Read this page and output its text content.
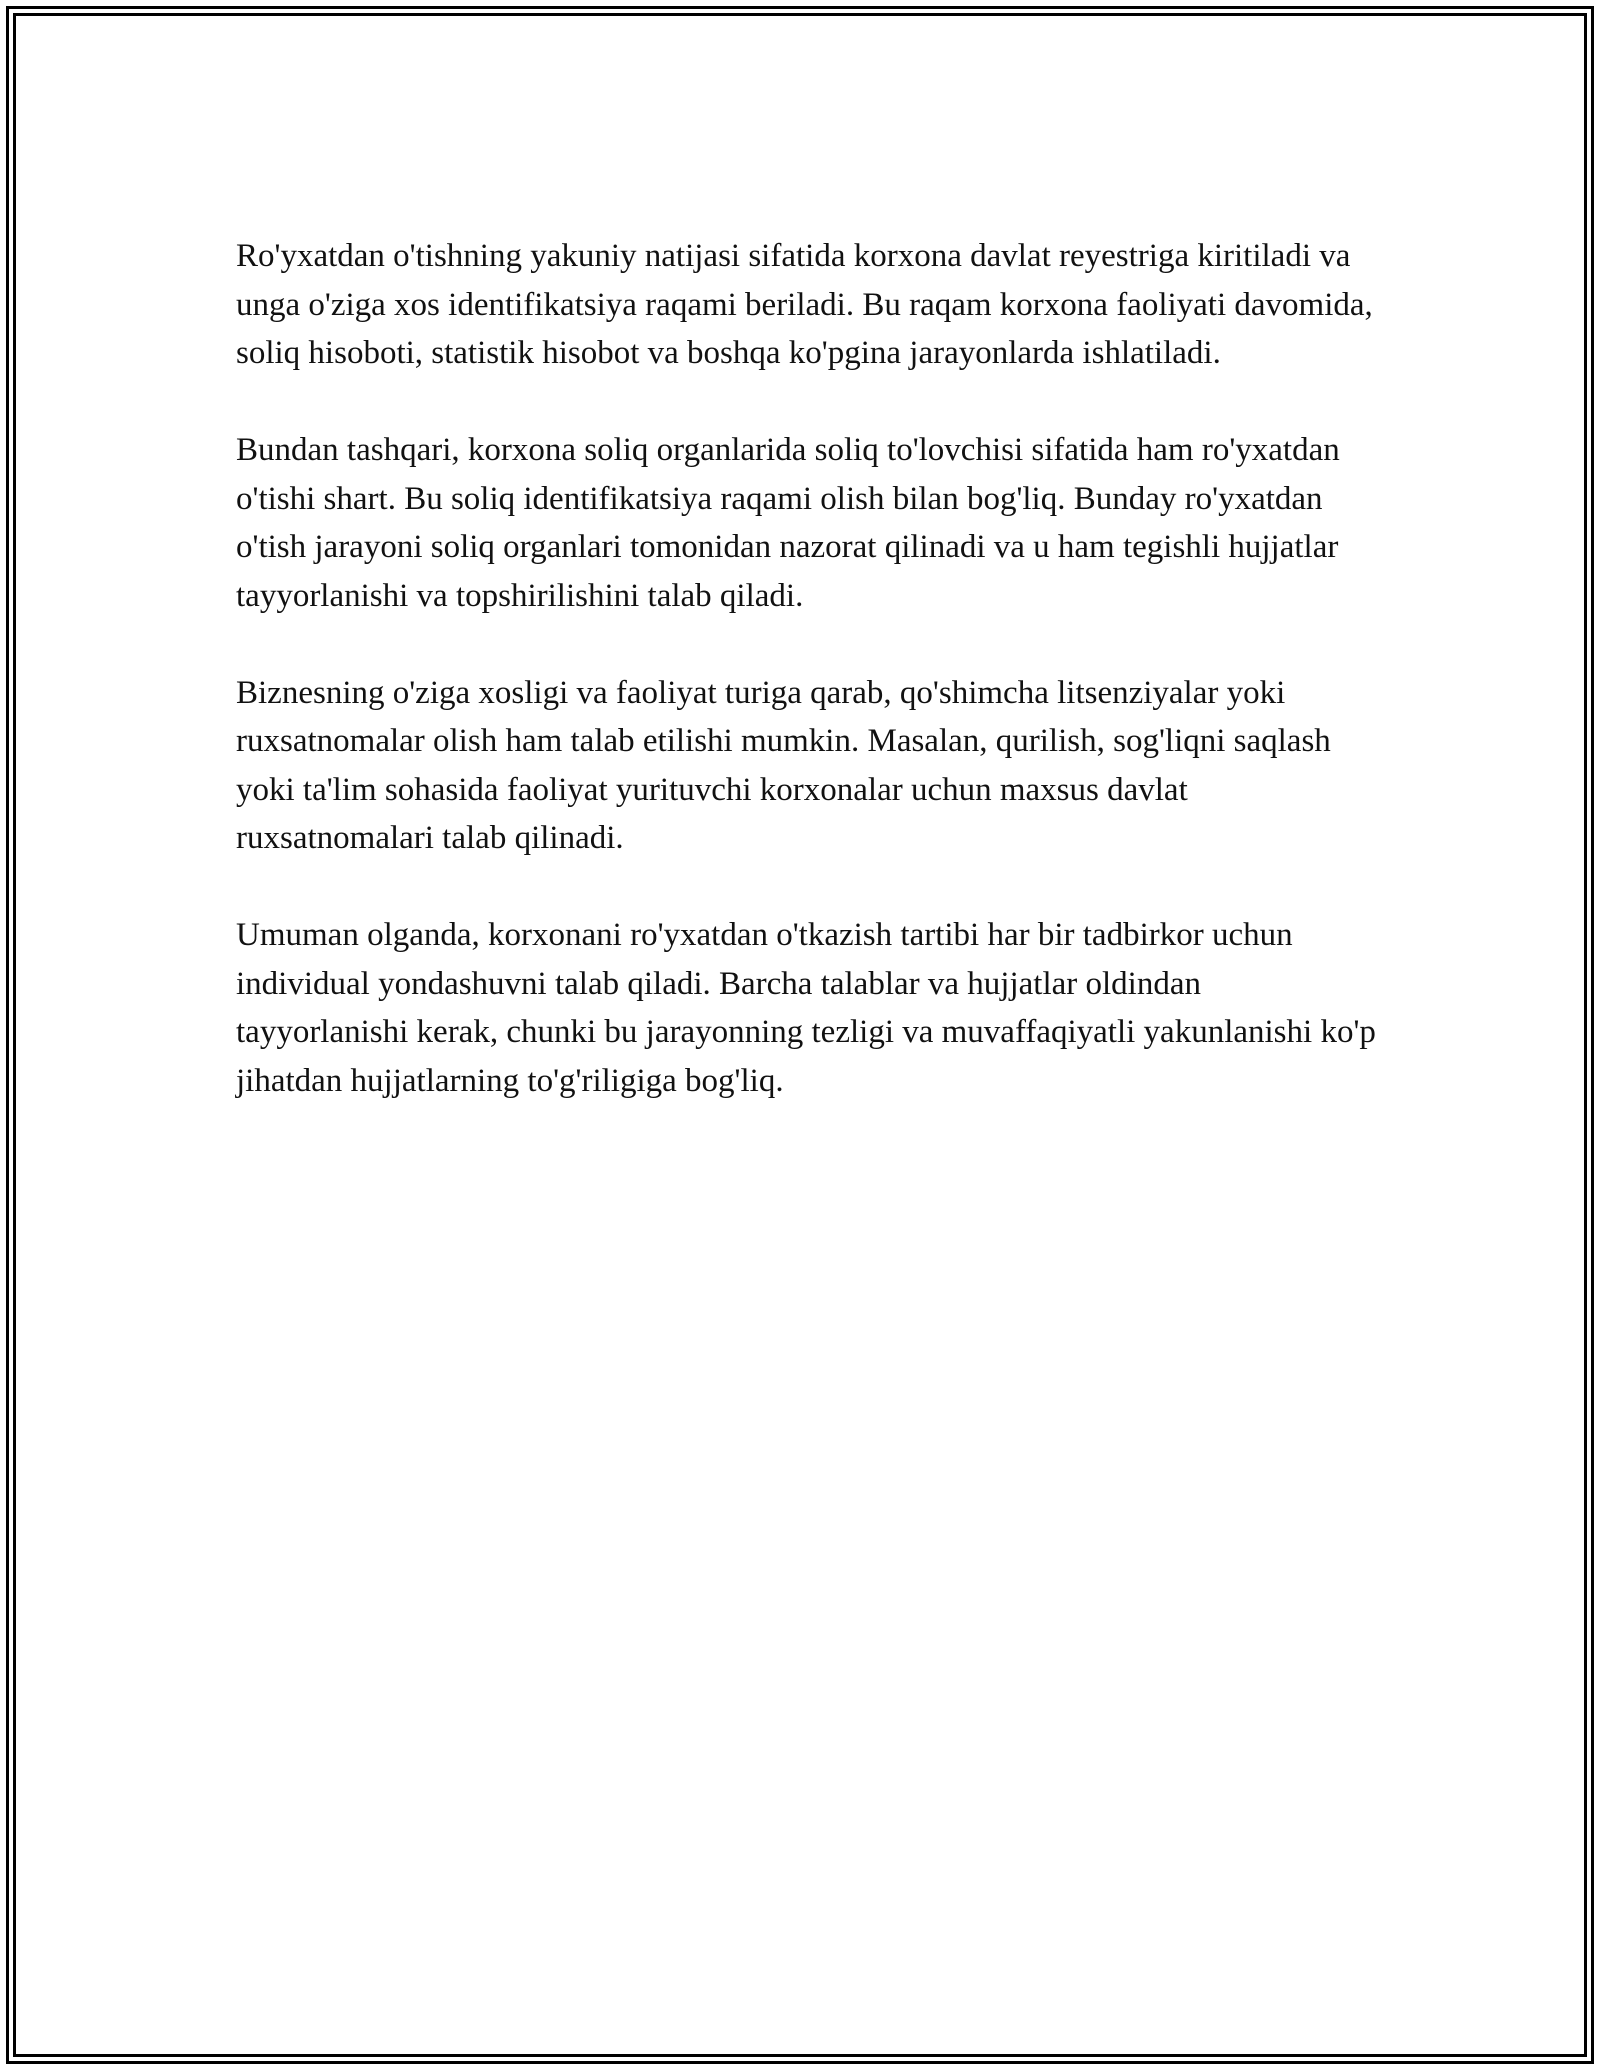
Ro'yxatdan o'tishning yakuniy natijasi sifatida korxona davlat reyestriga kiritiladi va unga o'ziga xos identifikatsiya raqami beriladi. Bu raqam korxona faoliyati davomida, soliq hisoboti, statistik hisobot va boshqa ko'pgina jarayonlarda ishlatiladi.

Bundan tashqari, korxona soliq organlarida soliq to'lovchisi sifatida ham ro'yxatdan o'tishi shart. Bu soliq identifikatsiya raqami olish bilan bog'liq. Bunday ro'yxatdan o'tish jarayoni soliq organlari tomonidan nazorat qilinadi va u ham tegishli hujjatlar tayyorlanishi va topshirilishini talab qiladi.

Biznesning o'ziga xosligi va faoliyat turiga qarab, qo'shimcha litsenziyalar yoki ruxsatnomalar olish ham talab etilishi mumkin. Masalan, qurilish, sog'liqni saqlash yoki ta'lim sohasida faoliyat yurituvchi korxonalar uchun maxsus davlat ruxsatnomalari talab qilinadi.

Umuman olganda, korxonani ro'yxatdan o'tkazish tartibi har bir tadbirkor uchun individual yondashuvni talab qiladi. Barcha talablar va hujjatlar oldindan tayyorlanishi kerak, chunki bu jarayonning tezligi va muvaffaqiyatli yakunlanishi ko'p jihatdan hujjatlarning to'g'riligiga bog'liq.
